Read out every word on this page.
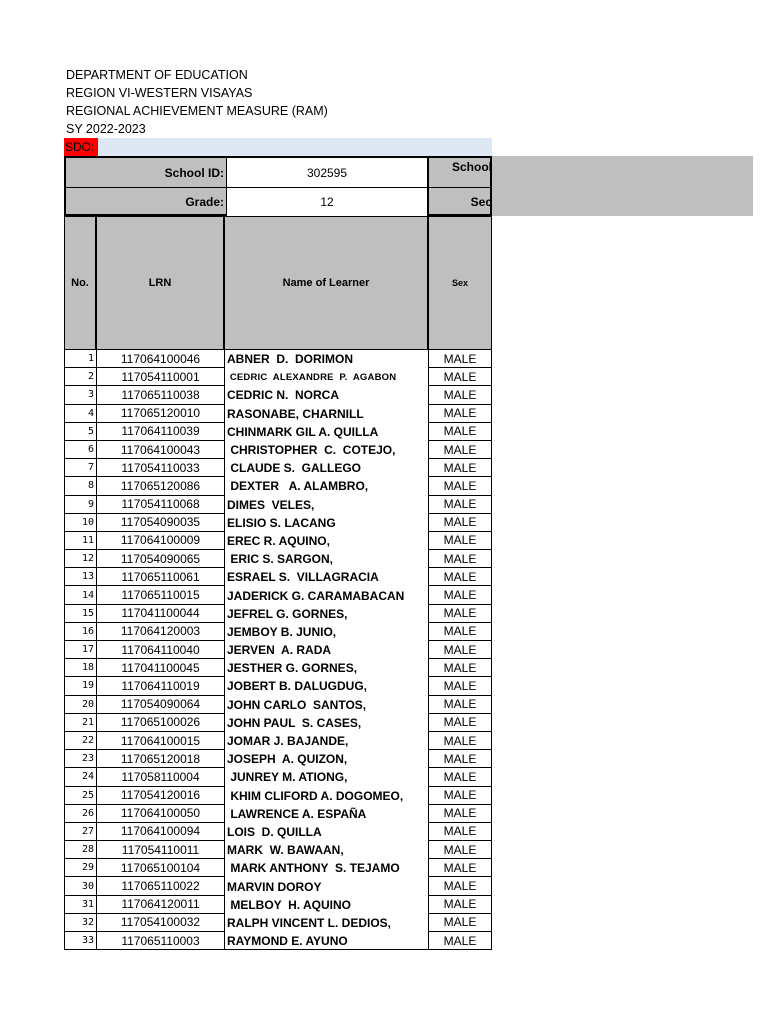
DEPARTMENT OF EDUCATION
REGION VI-WESTERN VISAYAS
REGIONAL ACHIEVEMENT MEASURE (RAM)
SY 2022-2023
SDO:
School ID:	302595	School
Grade:	12	Sec
No.	LRN	Name of Learner	Sex
1	117064100046	ABNER  D.  DORIMON	MALE
2	117054110001	CEDRIC  ALEXANDRE  P.  AGABON	MALE
3	117065110038	CEDRIC N.  NORCA	MALE
4	117065120010	RASONABE, CHARNILL	MALE
5	117064110039	CHINMARK GIL A. QUILLA	MALE
6	117064100043	CHRISTOPHER  C.  COTEJO,	MALE
7	117054110033	CLAUDE S.  GALLEGO	MALE
8	117065120086	DEXTER   A. ALAMBRO,	MALE
9	117054110068	DIMES  VELES,	MALE
10	117054090035	ELISIO S. LACANG	MALE
11	117064100009	EREC R. AQUINO,	MALE
12	117054090065	ERIC S. SARGON,	MALE
13	117065110061	ESRAEL S.  VILLAGRACIA	MALE
14	117065110015	JADERICK G. CARAMABACAN	MALE
15	117041100044	JEFREL G. GORNES,	MALE
16	117064120003	JEMBOY B. JUNIO,	MALE
17	117064110040	JERVEN  A. RADA	MALE
18	117041100045	JESTHER G. GORNES,	MALE
19	117064110019	JOBERT B. DALUGDUG,	MALE
20	117054090064	JOHN CARLO  SANTOS,	MALE
21	117065100026	JOHN PAUL  S. CASES,	MALE
22	117064100015	JOMAR J. BAJANDE,	MALE
23	117065120018	JOSEPH  A. QUIZON,	MALE
24	117058110004	JUNREY M. ATIONG,	MALE
25	117054120016	KHIM CLIFORD A. DOGOMEO,	MALE
26	117064100050	LAWRENCE A. ESPAÑA	MALE
27	117064100094	LOIS  D. QUILLA	MALE
28	117054110011	MARK  W. BAWAAN,	MALE
29	117065100104	MARK ANTHONY  S. TEJAMO	MALE
30	117065110022	MARVIN DOROY	MALE
31	117064120011	MELBOY  H. AQUINO	MALE
32	117054100032	RALPH VINCENT L. DEDIOS,	MALE
33	117065110003	RAYMOND E. AYUNO	MALE
